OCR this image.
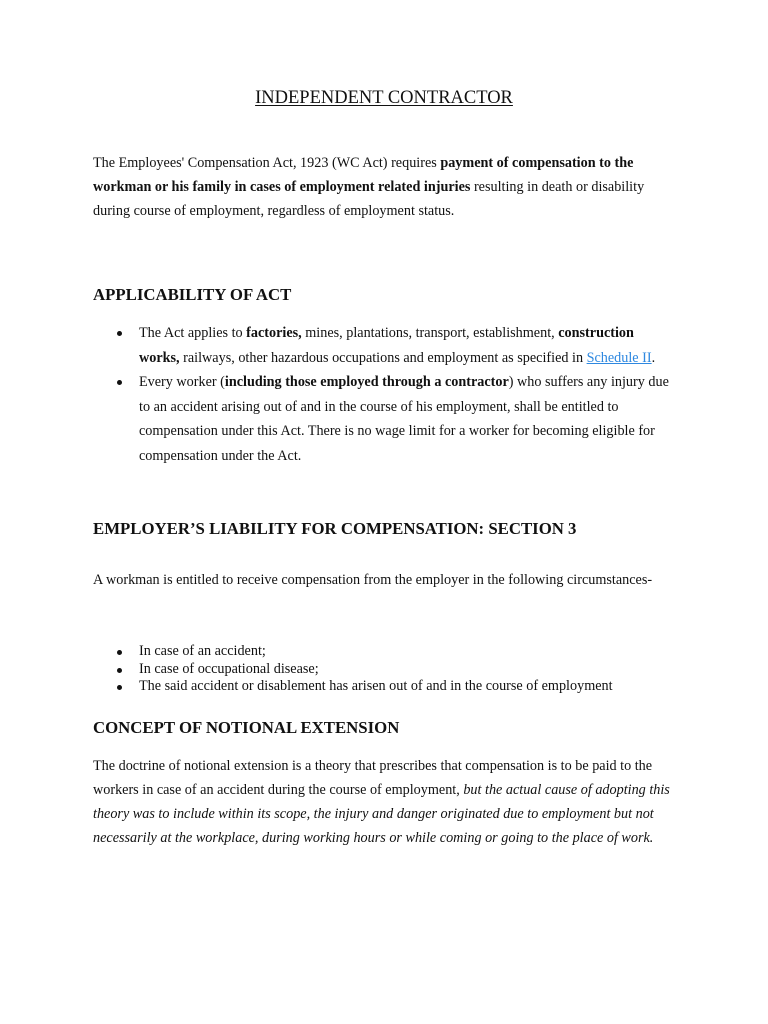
INDEPENDENT CONTRACTOR

The Employees' Compensation Act, 1923 (WC Act) requires payment of compensation to the workman or his family in cases of employment related injuries resulting in death or disability during course of employment, regardless of employment status.

APPLICABILITY OF ACT
The Act applies to factories, mines, plantations, transport, establishment, construction works, railways, other hazardous occupations and employment as specified in Schedule II.
Every worker (including those employed through a contractor) who suffers any injury due to an accident arising out of and in the course of his employment, shall be entitled to compensation under this Act. There is no wage limit for a worker for becoming eligible for compensation under the Act.
EMPLOYER’S LIABILITY FOR COMPENSATION: SECTION 3

A workman is entitled to receive compensation from the employer in the following circumstances-

In case of an accident;
In case of occupational disease;
The said accident or disablement has arisen out of and in the course of employment
CONCEPT OF NOTIONAL EXTENSION

The doctrine of notional extension is a theory that prescribes that compensation is to be paid to the workers in case of an accident during the course of employment, but the actual cause of adopting this theory was to include within its scope, the injury and danger originated due to employment but not necessarily at the workplace, during working hours or while coming or going to the place of work.
